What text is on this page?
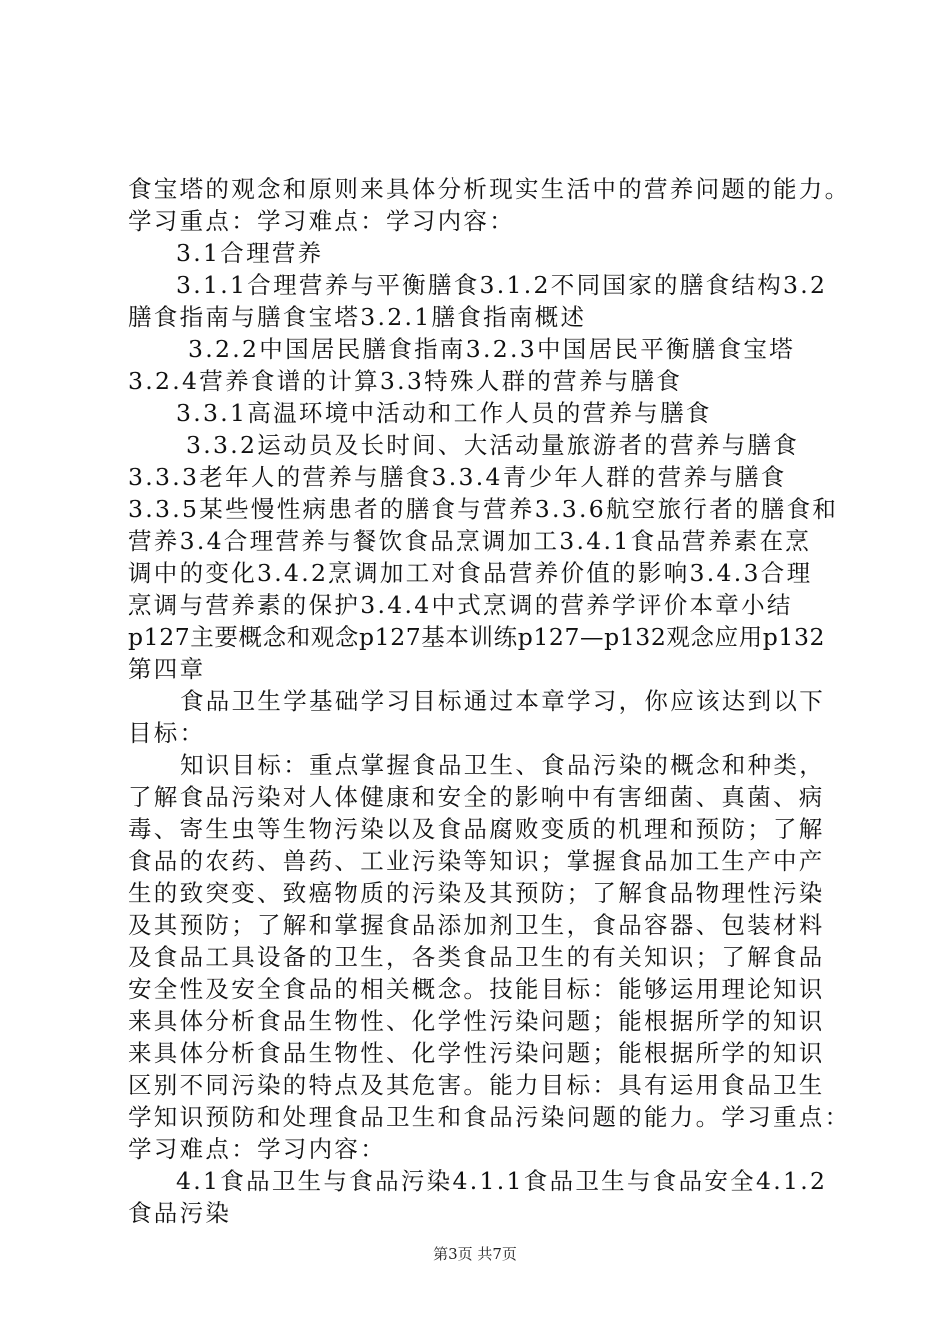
食宝塔的观念和原则来具体分析现实生活中的营养问题的能力。
学习重点：学习难点：学习内容：
3.1合理营养
3.1.1合理营养与平衡膳食3.1.2不同国家的膳食结构3.2
膳食指南与膳食宝塔3.2.1膳食指南概述
3.2.2中国居民膳食指南3.2.3中国居民平衡膳食宝塔
3.2.4营养食谱的计算3.3特殊人群的营养与膳食
3.3.1高温环境中活动和工作人员的营养与膳食
3.3.2运动员及长时间、大活动量旅游者的营养与膳食
3.3.3老年人的营养与膳食3.3.4青少年人群的营养与膳食
3.3.5某些慢性病患者的膳食与营养3.3.6航空旅行者的膳食和
营养3.4合理营养与餐饮食品烹调加工3.4.1食品营养素在烹
调中的变化3.4.2烹调加工对食品营养价值的影响3.4.3合理
烹调与营养素的保护3.4.4中式烹调的营养学评价本章小结
p127主要概念和观念p127基本训练p127—p132观念应用p132
第四章
食品卫生学基础学习目标通过本章学习，你应该达到以下
目标：
知识目标：重点掌握食品卫生、食品污染的概念和种类，
了解食品污染对人体健康和安全的影响中有害细菌、真菌、病
毒、寄生虫等生物污染以及食品腐败变质的机理和预防；了解
食品的农药、兽药、工业污染等知识；掌握食品加工生产中产
生的致突变、致癌物质的污染及其预防；了解食品物理性污染
及其预防；了解和掌握食品添加剂卫生，食品容器、包装材料
及食品工具设备的卫生，各类食品卫生的有关知识；了解食品
安全性及安全食品的相关概念。技能目标：能够运用理论知识
来具体分析食品生物性、化学性污染问题；能根据所学的知识
来具体分析食品生物性、化学性污染问题；能根据所学的知识
区别不同污染的特点及其危害。能力目标：具有运用食品卫生
学知识预防和处理食品卫生和食品污染问题的能力。学习重点：
学习难点：学习内容：
4.1食品卫生与食品污染4.1.1食品卫生与食品安全4.1.2
食品污染
第3页 共7页
